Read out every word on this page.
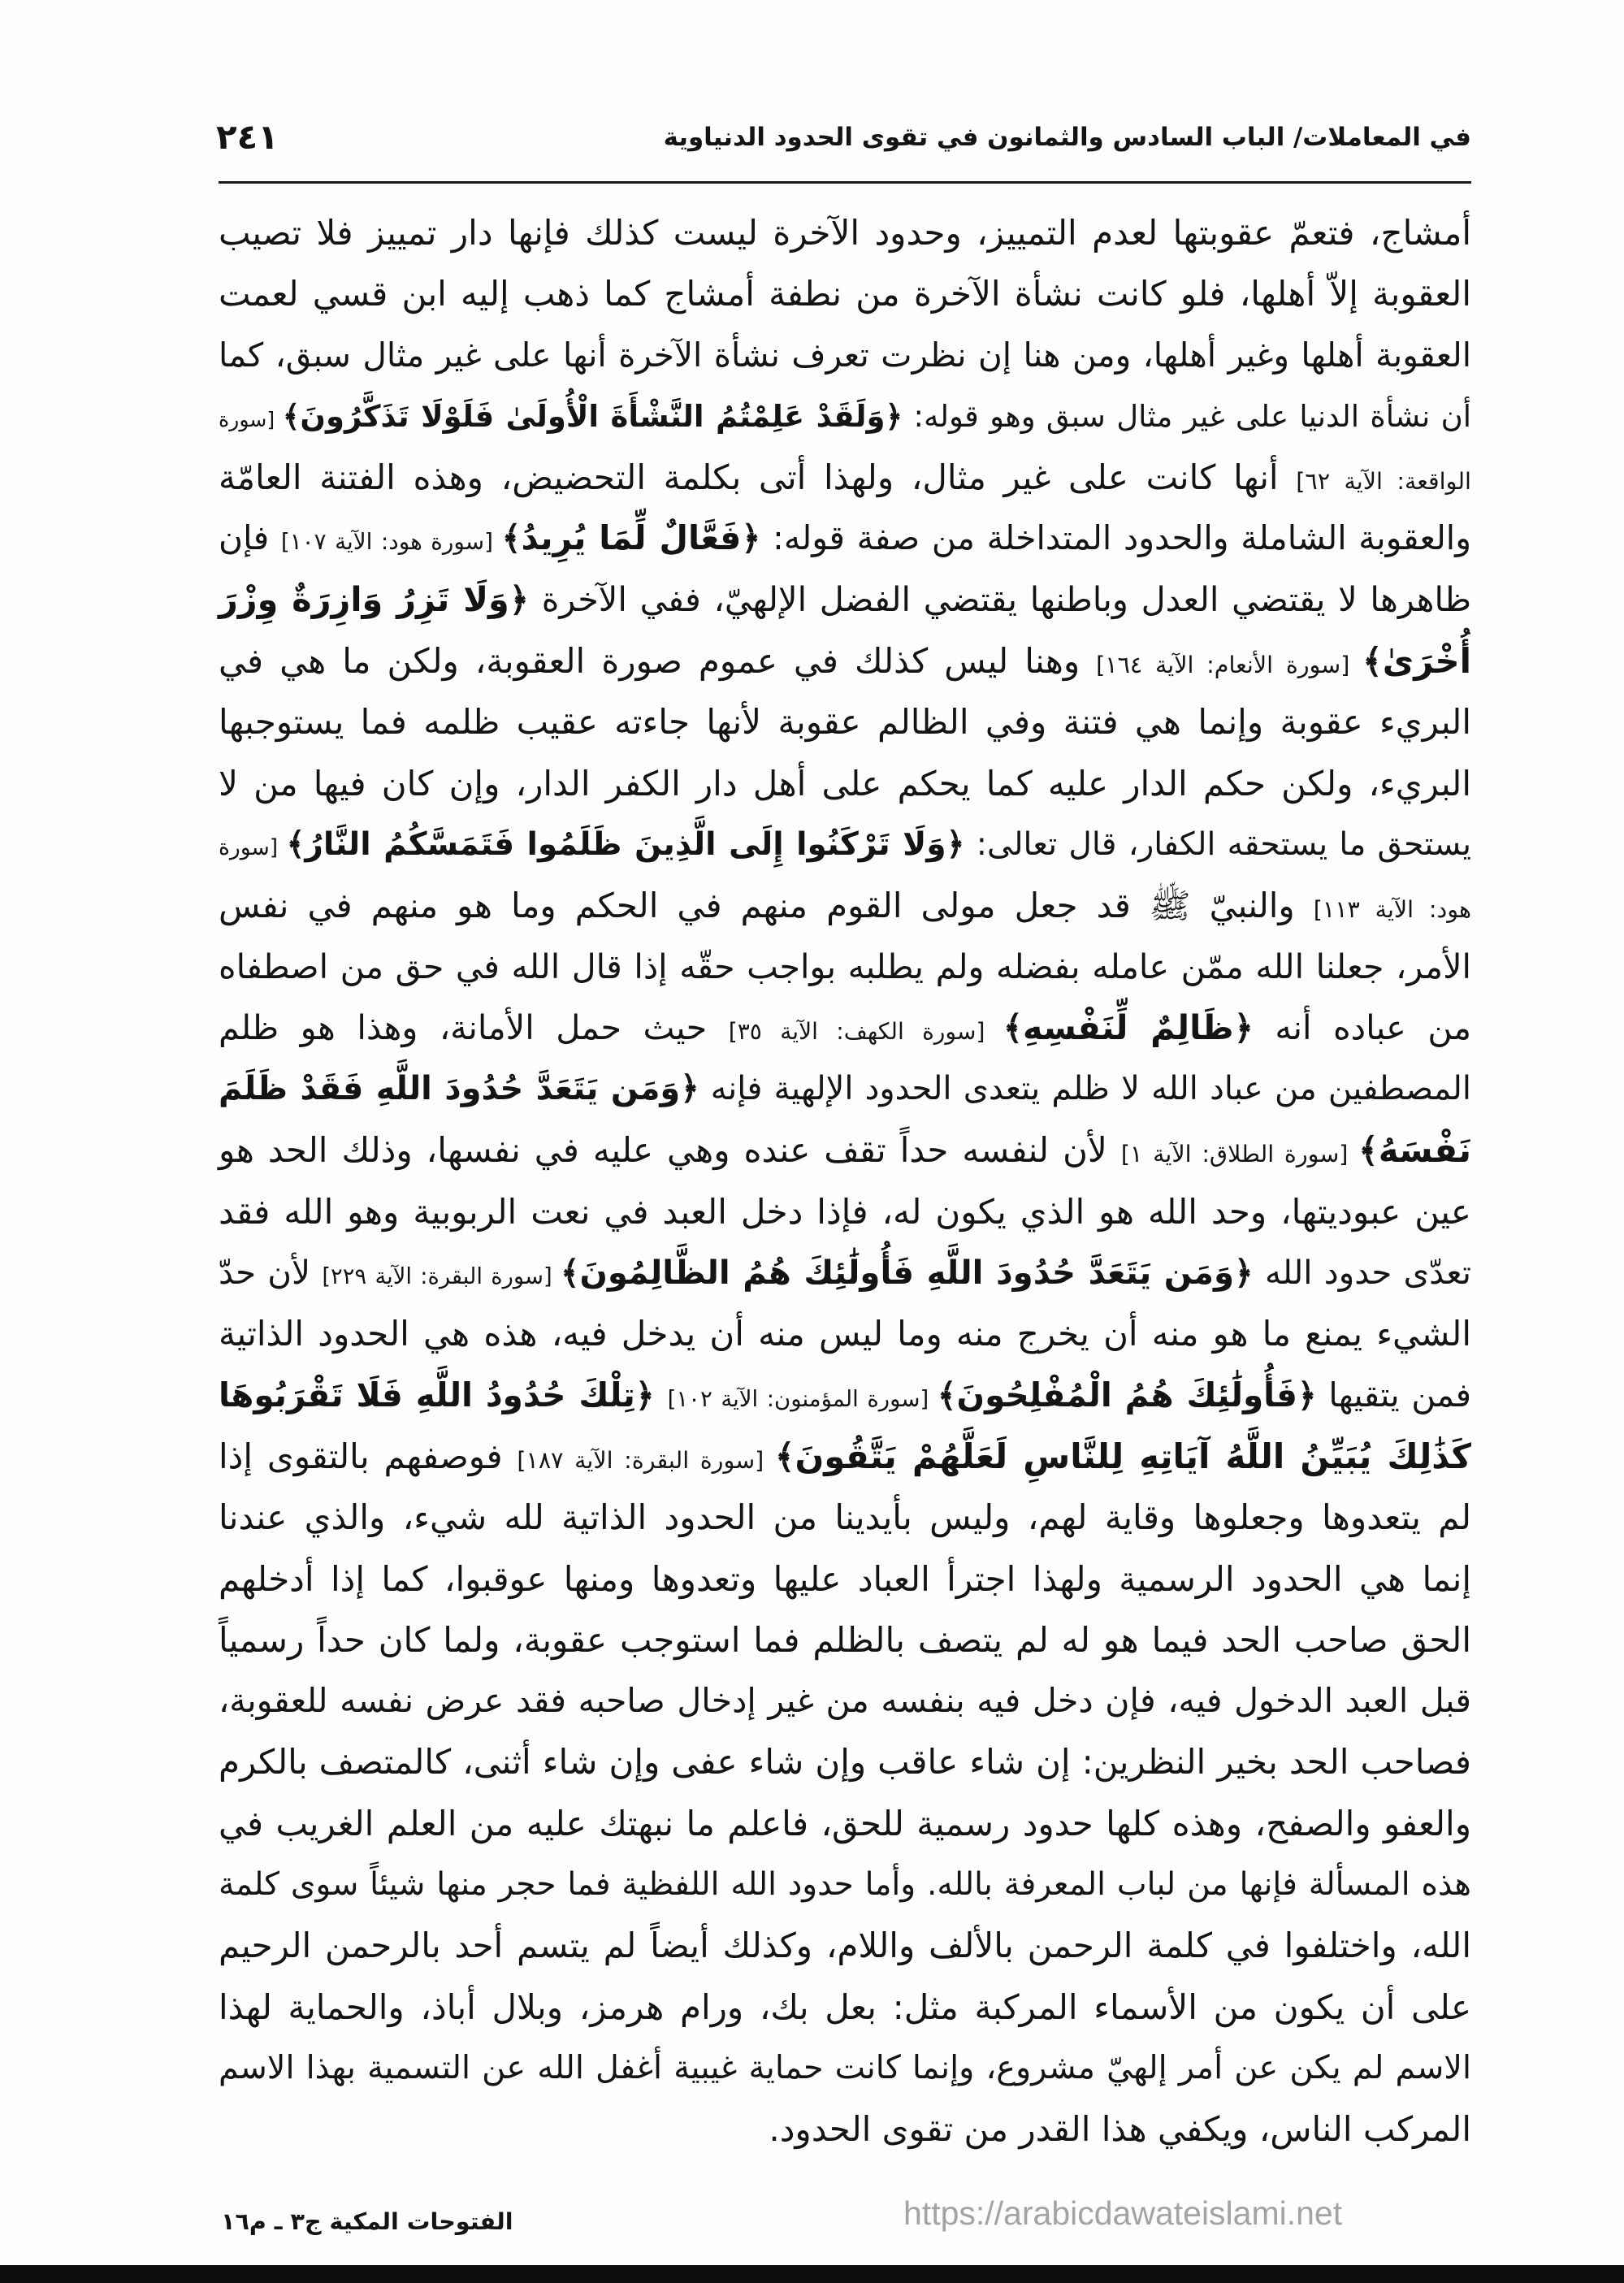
في المعاملات/ الباب السادس والثمانون في تقوى الحدود الدنياوية
٢٤١
أمشاج، فتعمّ عقوبتها لعدم التمييز، وحدود الآخرة ليست كذلك فإنها دار تمييز فلا تصيب
العقوبة إلاّ أهلها، فلو كانت نشأة الآخرة من نطفة أمشاج كما ذهب إليه ابن قسي لعمت
العقوبة أهلها وغير أهلها، ومن هنا إن نظرت تعرف نشأة الآخرة أنها على غير مثال سبق، كما
أن نشأة الدنيا على غير مثال سبق وهو قوله: ﴿وَلَقَدْ عَلِمْتُمُ النَّشْأَةَ الْأُولَىٰ فَلَوْلَا تَذَكَّرُونَ﴾ [سورة
الواقعة: الآية ٦٢] أنها كانت على غير مثال، ولهذا أتى بكلمة التحضيض، وهذه الفتنة العامّة
والعقوبة الشاملة والحدود المتداخلة من صفة قوله: ﴿فَعَّالٌ لِّمَا يُرِيدُ﴾ [سورة هود: الآية ١٠٧] فإن
ظاهرها لا يقتضي العدل وباطنها يقتضي الفضل الإلهيّ، ففي الآخرة ﴿وَلَا تَزِرُ وَازِرَةٌ وِزْرَ
أُخْرَىٰ﴾ [سورة الأنعام: الآية ١٦٤] وهنا ليس كذلك في عموم صورة العقوبة، ولكن ما هي في
البريء عقوبة وإنما هي فتنة وفي الظالم عقوبة لأنها جاءته عقيب ظلمه فما يستوجبها
البريء، ولكن حكم الدار عليه كما يحكم على أهل دار الكفر الدار، وإن كان فيها من لا
يستحق ما يستحقه الكفار، قال تعالى: ﴿وَلَا تَرْكَنُوا إِلَى الَّذِينَ ظَلَمُوا فَتَمَسَّكُمُ النَّارُ﴾ [سورة
هود: الآية ١١٣] والنبيّ ﷺ قد جعل مولى القوم منهم في الحكم وما هو منهم في نفس
الأمر، جعلنا الله ممّن عامله بفضله ولم يطلبه بواجب حقّه إذا قال الله في حق من اصطفاه
من عباده أنه ﴿ظَالِمٌ لِّنَفْسِهِ﴾ [سورة الكهف: الآية ٣٥] حيث حمل الأمانة، وهذا هو ظلم
المصطفين من عباد الله لا ظلم يتعدى الحدود الإلهية فإنه ﴿وَمَن يَتَعَدَّ حُدُودَ اللَّهِ فَقَدْ ظَلَمَ
نَفْسَهُ﴾ [سورة الطلاق: الآية ١] لأن لنفسه حداً تقف عنده وهي عليه في نفسها، وذلك الحد هو
عين عبوديتها، وحد الله هو الذي يكون له، فإذا دخل العبد في نعت الربوبية وهو الله فقد
تعدّى حدود الله ﴿وَمَن يَتَعَدَّ حُدُودَ اللَّهِ فَأُولَٰئِكَ هُمُ الظَّالِمُونَ﴾ [سورة البقرة: الآية ٢٢٩] لأن حدّ
الشيء يمنع ما هو منه أن يخرج منه وما ليس منه أن يدخل فيه، هذه هي الحدود الذاتية
فمن يتقيها ﴿فَأُولَٰئِكَ هُمُ الْمُفْلِحُونَ﴾ [سورة المؤمنون: الآية ١٠٢] ﴿تِلْكَ حُدُودُ اللَّهِ فَلَا تَقْرَبُوهَا
كَذَٰلِكَ يُبَيِّنُ اللَّهُ آيَاتِهِ لِلنَّاسِ لَعَلَّهُمْ يَتَّقُونَ﴾ [سورة البقرة: الآية ١٨٧] فوصفهم بالتقوى إذا
لم يتعدوها وجعلوها وقاية لهم، وليس بأيدينا من الحدود الذاتية لله شيء، والذي عندنا
إنما هي الحدود الرسمية ولهذا اجترأ العباد عليها وتعدوها ومنها عوقبوا، كما إذا أدخلهم
الحق صاحب الحد فيما هو له لم يتصف بالظلم فما استوجب عقوبة، ولما كان حداً رسمياً
قبل العبد الدخول فيه، فإن دخل فيه بنفسه من غير إدخال صاحبه فقد عرض نفسه للعقوبة،
فصاحب الحد بخير النظرين: إن شاء عاقب وإن شاء عفى وإن شاء أثنى، كالمتصف بالكرم
والعفو والصفح، وهذه كلها حدود رسمية للحق، فاعلم ما نبهتك عليه من العلم الغريب في
هذه المسألة فإنها من لباب المعرفة بالله. وأما حدود الله اللفظية فما حجر منها شيئاً سوى كلمة
الله، واختلفوا في كلمة الرحمن بالألف واللام، وكذلك أيضاً لم يتسم أحد بالرحمن الرحيم
على أن يكون من الأسماء المركبة مثل: بعل بك، ورام هرمز، وبلال أباذ، والحماية لهذا
الاسم لم يكن عن أمر إلهيّ مشروع، وإنما كانت حماية غيبية أغفل الله عن التسمية بهذا الاسم
المركب الناس، ويكفي هذا القدر من تقوى الحدود.
الفتوحات المكية ج٣ ـ م١٦	https://arabicdawateislami.net
